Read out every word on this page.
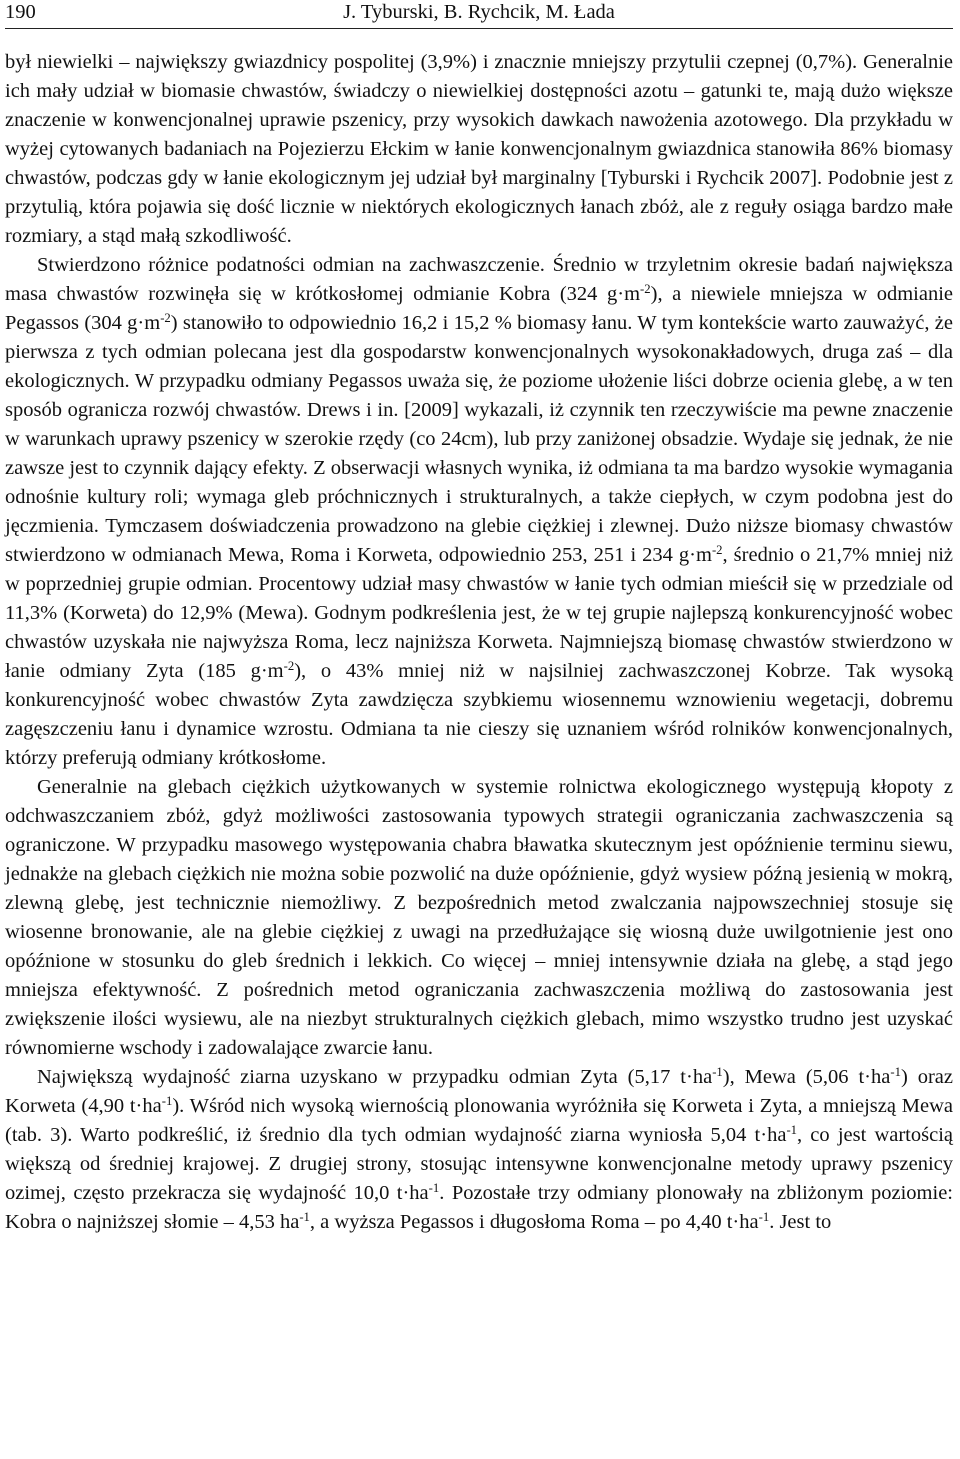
190	J. Tyburski, B. Rychcik, M. Łada

był niewielki – największy gwiazdnicy pospolitej (3,9%) i znacznie mniejszy przytulii czepnej (0,7%). Generalnie ich mały udział w biomasie chwastów, świadczy o niewielkiej dostępności azotu – gatunki te, mają dużo większe znaczenie w konwencjonalnej uprawie pszenicy, przy wysokich dawkach nawożenia azotowego. Dla przykładu w wyżej cytowanych badaniach na Pojezierzu Ełckim w łanie konwencjonalnym gwiazdnica stanowiła 86% biomasy chwastów, podczas gdy w łanie ekologicznym jej udział był marginalny [Tyburski i Rychcik 2007]. Podobnie jest z przytulią, która pojawia się dość licznie w niektórych ekologicznych łanach zbóż, ale z reguły osiąga bardzo małe rozmiary, a stąd małą szkodliwość.

Stwierdzono różnice podatności odmian na zachwaszczenie. Średnio w trzyletnim okresie badań największa masa chwastów rozwinęła się w krótkosłomej odmianie Kobra (324 $g\cdot m^{-2}$), a niewiele mniejsza w odmianie Pegassos (304 $g\cdot m^{-2}$) stanowiło to odpowiednio 16,2 i 15,2 % biomasy łanu. W tym kontekście warto zauważyć, że pierwsza z tych odmian polecana jest dla gospodarstw konwencjonalnych wysokonakładowych, druga zaś – dla ekologicznych. W przypadku odmiany Pegassos uważa się, że poziome ułożenie liści dobrze ocienia glebę, a w ten sposób ogranicza rozwój chwastów. Drews i in. [2009] wykazali, iż czynnik ten rzeczywiście ma pewne znaczenie w warunkach uprawy pszenicy w szerokie rzędy (co 24cm), lub przy zaniżonej obsadzie. Wydaje się jednak, że nie zawsze jest to czynnik dający efekty. Z obserwacji własnych wynika, iż odmiana ta ma bardzo wysokie wymagania odnośnie kultury roli; wymaga gleb próchnicznych i strukturalnych, a także ciepłych, w czym podobna jest do jęczmienia. Tymczasem doświadczenia prowadzono na glebie ciężkiej i zlewnej. Dużo niższe biomasy chwastów stwierdzono w odmianach Mewa, Roma i Korweta, odpowiednio 253, 251 i 234 $g\cdot m^{-2}$, średnio o 21,7% mniej niż w poprzedniej grupie odmian. Procentowy udział masy chwastów w łanie tych odmian mieścił się w przedziale od 11,3% (Korweta) do 12,9% (Mewa). Godnym podkreślenia jest, że w tej grupie najlepszą konkurencyjność wobec chwastów uzyskała nie najwyższa Roma, lecz najniższa Korweta. Najmniejszą biomasę chwastów stwierdzono w łanie odmiany Zyta (185 $g\cdot m^{-2}$), o 43% mniej niż w najsilniej zachwaszczonej Kobrze. Tak wysoką konkurencyjność wobec chwastów Zyta zawdzięcza szybkiemu wiosennemu wznowieniu wegetacji, dobremu zagęszczeniu łanu i dynamice wzrostu. Odmiana ta nie cieszy się uznaniem wśród rolników konwencjonalnych, którzy preferują odmiany krótkosłome.

Generalnie na glebach ciężkich użytkowanych w systemie rolnictwa ekologicznego występują kłopoty z odchwaszczaniem zbóż, gdyż możliwości zastosowania typowych strategii ograniczania zachwaszczenia są ograniczone. W przypadku masowego występowania chabra bławatka skutecznym jest opóźnienie terminu siewu, jednakże na glebach ciężkich nie można sobie pozwolić na duże opóźnienie, gdyż wysiew późną jesienią w mokrą, zlewną glebę, jest technicznie niemożliwy. Z bezpośrednich metod zwalczania najpowszechniej stosuje się wiosenne bronowanie, ale na glebie ciężkiej z uwagi na przedłużające się wiosną duże uwilgotnienie jest ono opóźnione w stosunku do gleb średnich i lekkich. Co więcej – mniej intensywnie działa na glebę, a stąd jego mniejsza efektywność. Z pośrednich metod ograniczania zachwaszczenia możliwą do zastosowania jest zwiększenie ilości wysiewu, ale na niezbyt strukturalnych ciężkich glebach, mimo wszystko trudno jest uzyskać równomierne wschody i zadowalające zwarcie łanu.

Największą wydajność ziarna uzyskano w przypadku odmian Zyta (5,17 $t\cdot ha^{-1}$), Mewa (5,06 $t\cdot ha^{-1}$) oraz Korweta (4,90 $t\cdot ha^{-1}$). Wśród nich wysoką wiernością plonowania wyróżniła się Korweta i Zyta, a mniejszą Mewa (tab. 3). Warto podkreślić, iż średnio dla tych odmian wydajność ziarna wyniosła 5,04 $t\cdot ha^{-1}$, co jest wartością większą od średniej krajowej. Z drugiej strony, stosując intensywne konwencjonalne metody uprawy pszenicy ozimej, często przekracza się wydajność 10,0 $t\cdot ha^{-1}$. Pozostałe trzy odmiany plonowały na zbliżonym poziomie: Kobra o najniższej słomie – 4,53 $ha^{-1}$, a wyższa Pegassos i długosłoma Roma – po 4,40 $t\cdot ha^{-1}$. Jest to
